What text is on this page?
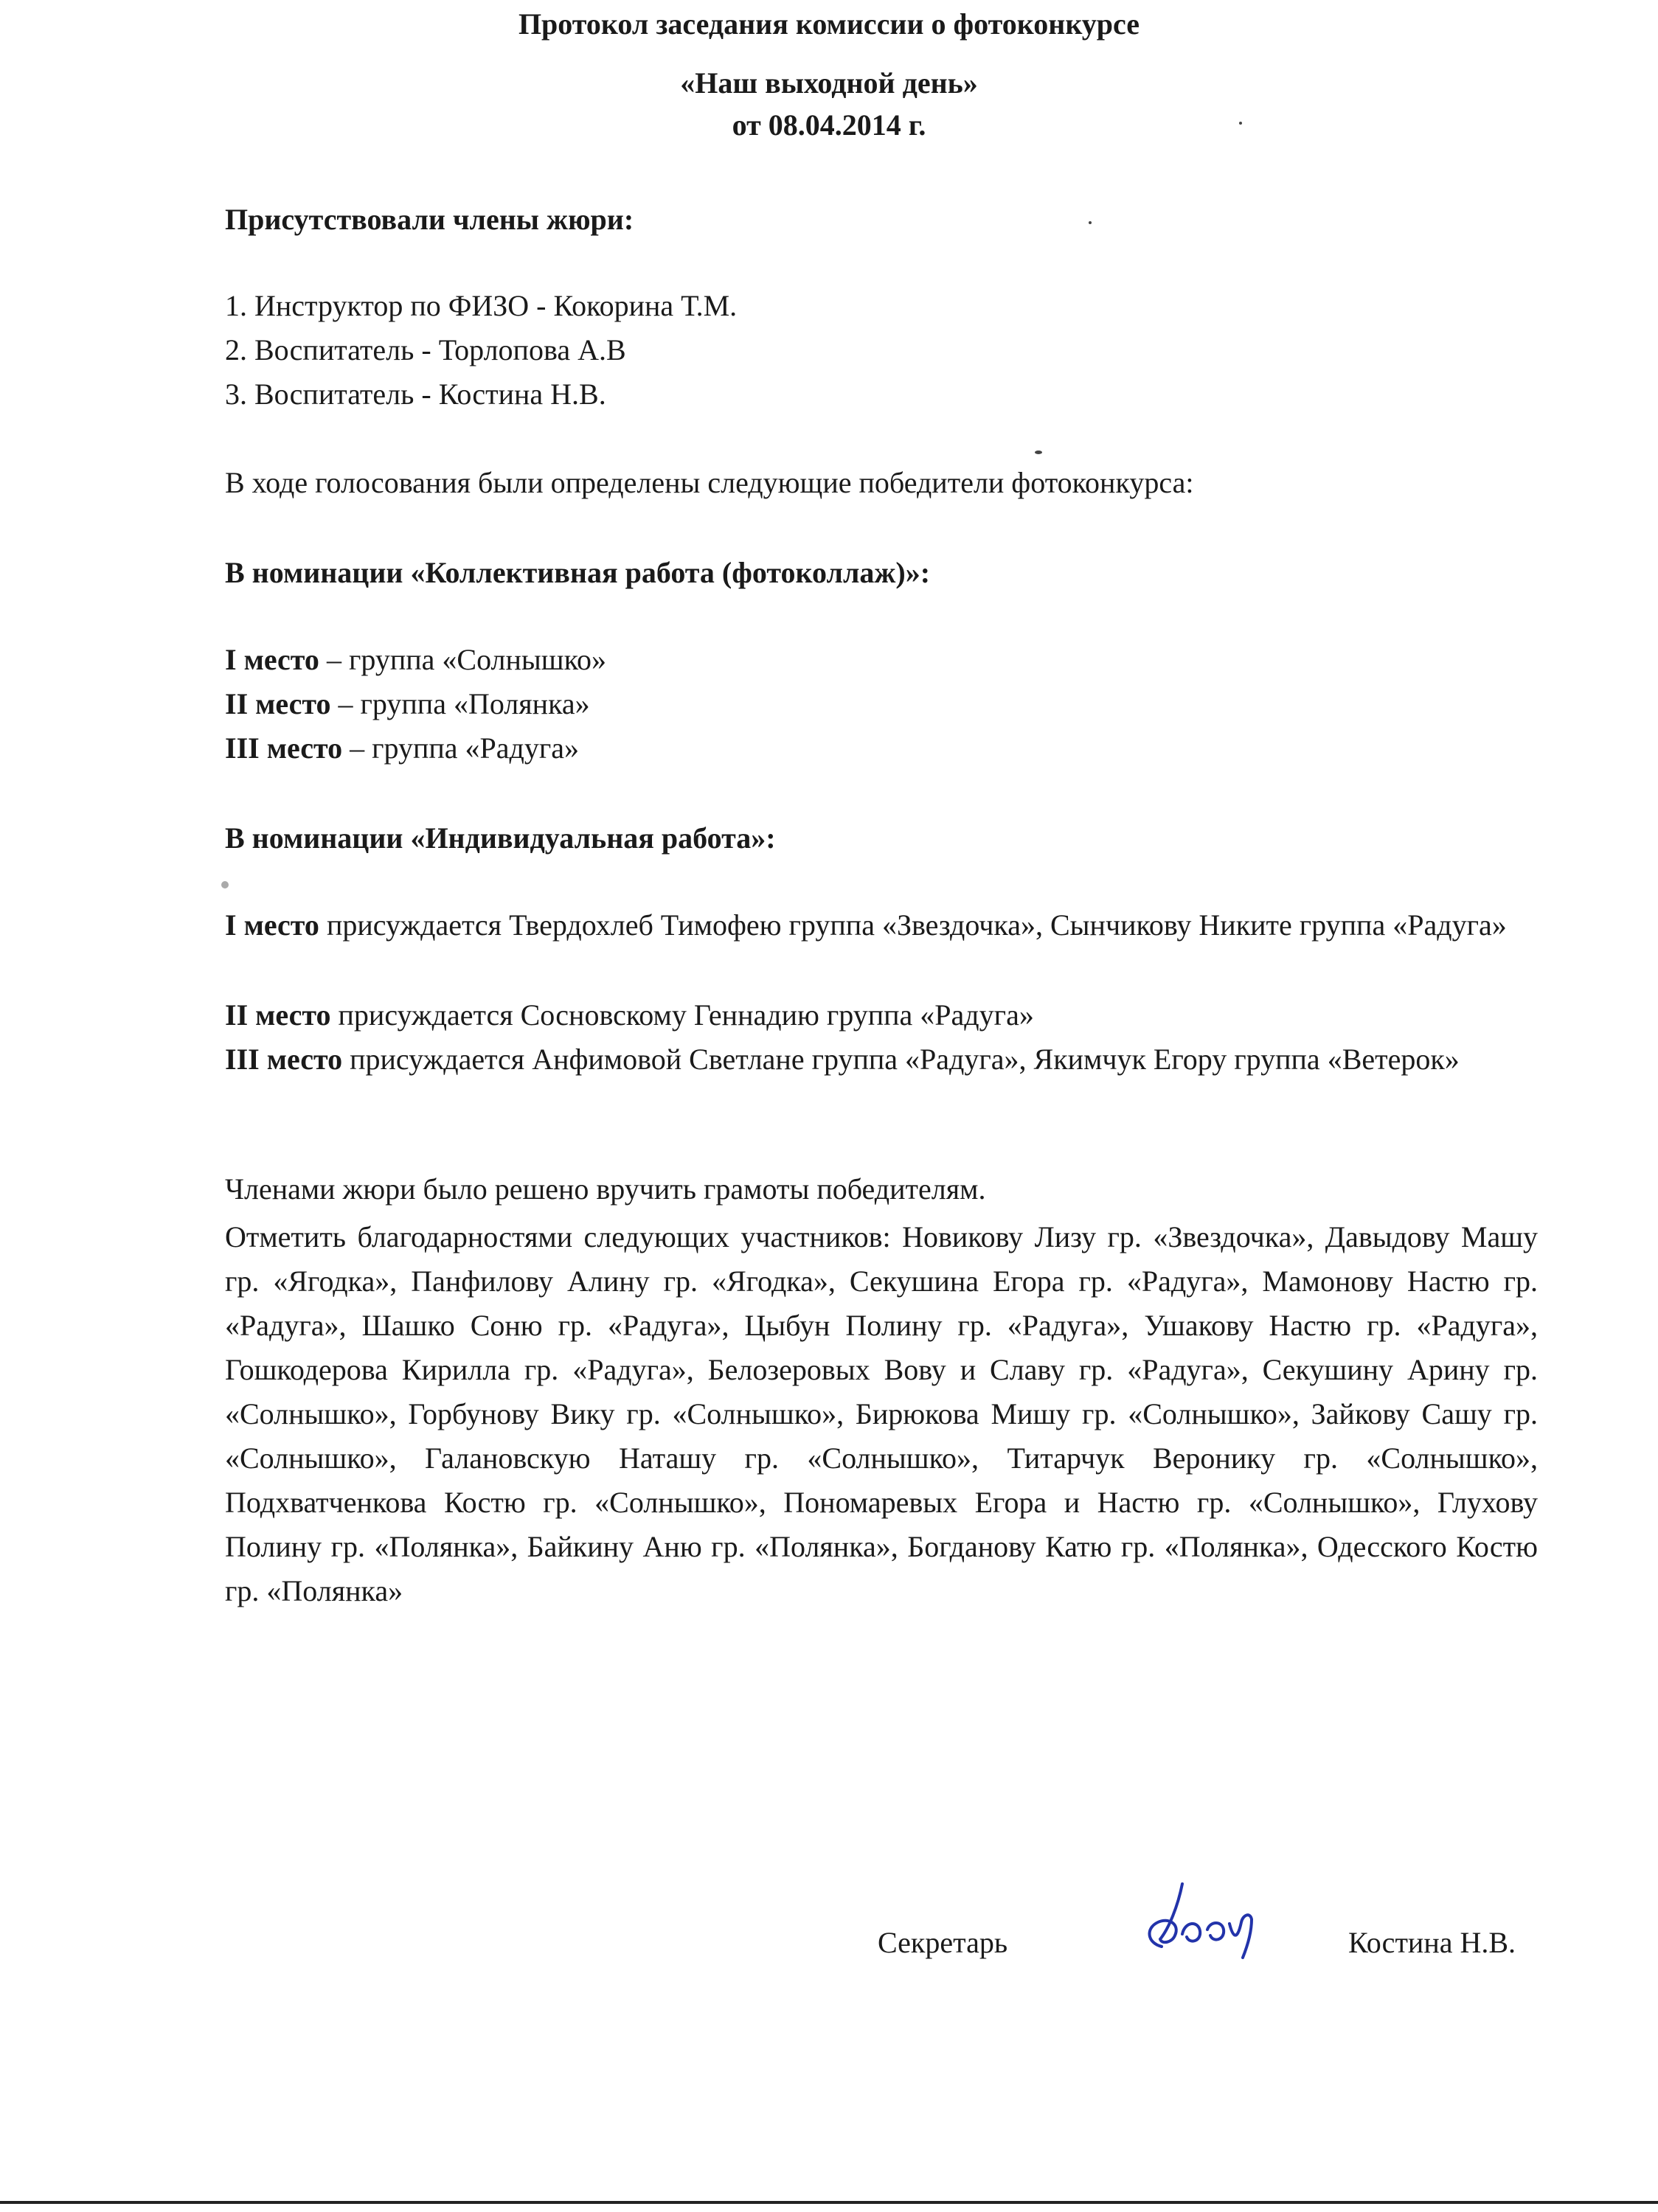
Протокол заседания комиссии о фотоконкурсе

«Наш выходной день»

от 08.04.2014 г.

Присутствовали члены жюри:

1. Инструктор по ФИЗО - Кокорина Т.М.

2. Воспитатель - Торлопова А.В

3. Воспитатель - Костина Н.В.

В ходе голосования были определены следующие победители фотоконкурса:

В номинации «Коллективная работа (фотоколлаж)»:

I место – группа «Солнышко»

II место – группа «Полянка»

III место – группа «Радуга»

В номинации «Индивидуальная работа»:

I место присуждается Твердохлеб Тимофею группа «Звездочка», Сынчикову Никите группа «Радуга»

II место присуждается Сосновскому Геннадию группа «Радуга»

III место присуждается Анфимовой Светлане группа «Радуга», Якимчук Егору группа «Ветерок»

Членами жюри было решено вручить грамоты победителям.

Отметить благодарностями следующих участников: Новикову Лизу гр. «Звездочка», Давыдову Машу гр. «Ягодка», Панфилову Алину гр. «Ягодка», Секушина Егора гр. «Радуга», Мамонову Настю гр. «Радуга», Шашко Соню гр. «Радуга», Цыбун Полину гр. «Радуга», Ушакову Настю гр. «Радуга», Гошкодерова Кирилла гр. «Радуга», Белозеровых Вову и Славу гр. «Радуга», Секушину Арину гр. «Солнышко», Горбунову Вику гр. «Солнышко», Бирюкова Мишу гр. «Солнышко», Зайкову Сашу гр. «Солнышко», Галановскую Наташу гр. «Солнышко», Титарчук Веронику гр. «Солнышко», Подхватченкова Костю гр. «Солнышко», Пономаревых Егора и Настю гр. «Солнышко», Глухову Полину гр. «Полянка», Байкину Аню гр. «Полянка», Богданову Катю гр. «Полянка», Одесского Костю гр. «Полянка»

Секретарь	Костина Н.В.
